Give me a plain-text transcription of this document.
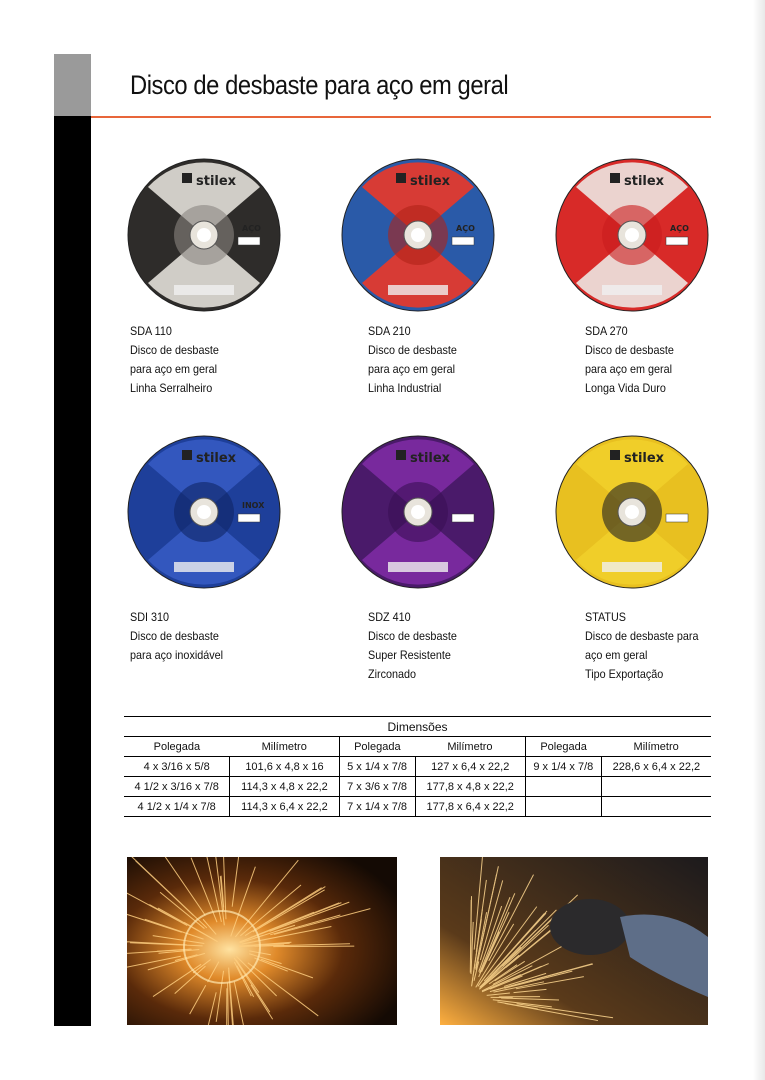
Disco de desbaste para aço em geral
stilex
AÇO
SDA 110
Disco de desbaste
para aço em geral
Linha Serralheiro
stilex
AÇO
SDA 210
Disco de desbaste
para aço em geral
Linha Industrial
stilex
AÇO
SDA 270
Disco de desbaste
para aço em geral
Longa Vida Duro
stilex
INOX
SDI 310
Disco de desbaste
para aço inoxidável
stilex
SDZ 410
Disco de desbaste
Super Resistente
Zirconado
stilex
STATUS
Disco de desbaste para
aço em geral
Tipo Exportação
Dimensões					
Polegada	Milímetro	Polegada	Milímetro	Polegada	Milímetro
4 x 3/16 x 5/8	101,6 x 4,8 x 16	5 x 1/4 x 7/8	127 x 6,4 x 22,2	9 x 1/4 x 7/8	228,6 x 6,4 x 22,2
4 1/2 x 3/16 x 7/8	114,3 x 4,8 x 22,2	7 x 3/6 x 7/8	177,8 x 4,8 x 22,2		
4 1/2 x 1/4 x 7/8	114,3 x 6,4 x 22,2	7 x 1/4 x 7/8	177,8 x 6,4 x 22,2		
